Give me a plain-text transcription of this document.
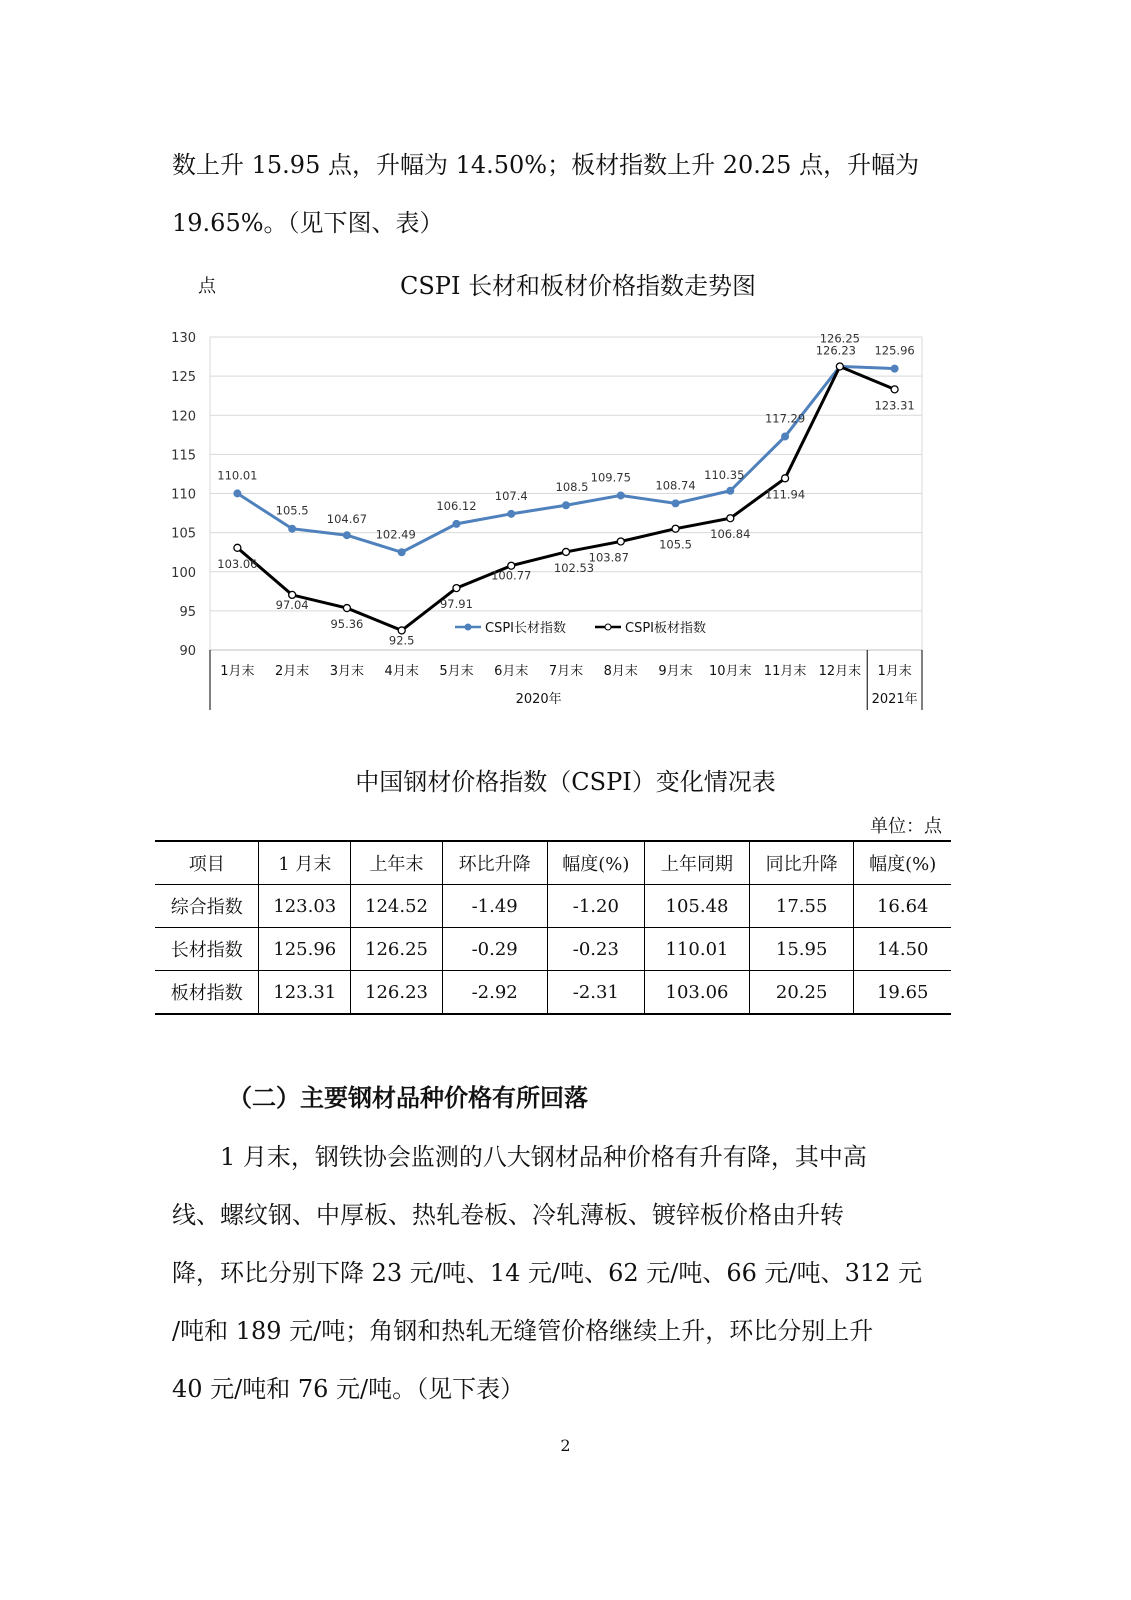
数上升 15.95 点，升幅为 14.50%；板材指数上升 20.25 点，升幅为

19.65%。（见下图、表）

点	CSPI 长材和板材价格指数走势图
90
95
100
105
110
115
120
125
130
1月末 2月末 3月末 4月末 5月末 6月末 7月末 8月末 9月末 10月末 11月末 12月末 1月末
2020年	2021年
110.01
105.5
104.67
102.49
106.12
107.4
108.5
109.75
108.74
110.35
117.29
126.25
125.96
103.06
97.04
95.36
92.5
97.91
100.77
102.53
103.87
105.5
106.84
111.94
126.23
123.31
CSPI长材指数	CSPI板材指数
中国钢材价格指数（CSPI）变化情况表
单位：点
项目	1 月末	上年末	环比升降	幅度(%)	上年同期	同比升降	幅度(%)
综合指数	123.03	124.52	-1.49	-1.20	105.48	17.55	16.64
长材指数	125.96	126.25	-0.29	-0.23	110.01	15.95	14.50
板材指数	123.31	126.23	-2.92	-2.31	103.06	20.25	19.65
（二）主要钢材品种价格有所回落

1 月末，钢铁协会监测的八大钢材品种价格有升有降，其中高

线、螺纹钢、中厚板、热轧卷板、冷轧薄板、镀锌板价格由升转

降，环比分别下降 23 元/吨、14 元/吨、62 元/吨、66 元/吨、312 元

/吨和 189 元/吨；角钢和热轧无缝管价格继续上升，环比分别上升

40 元/吨和 76 元/吨。（见下表）

2
